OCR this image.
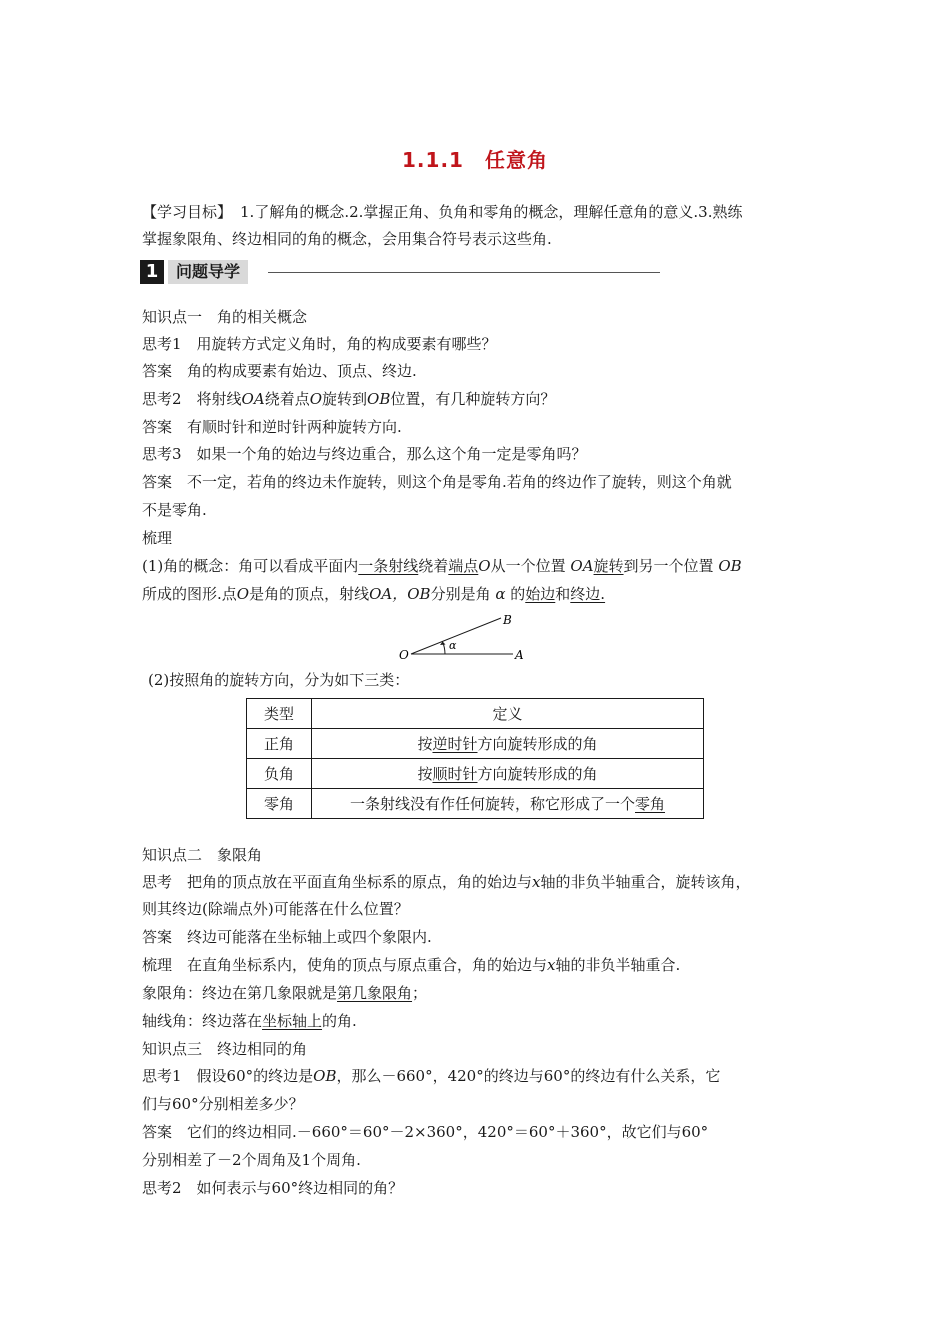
1.1.1　任意角
【学习目标】 1.了解角的概念.2.掌握正角、负角和零角的概念，理解任意角的意义.3.熟练
掌握象限角、终边相同的角的概念，会用集合符号表示这些角.
1	问题导学
知识点一　角的相关概念
思考1　用旋转方式定义角时，角的构成要素有哪些？
答案　角的构成要素有始边、顶点、终边.
思考2　将射线OA绕着点O旋转到OB位置，有几种旋转方向？
答案　有顺时针和逆时针两种旋转方向.
思考3　如果一个角的始边与终边重合，那么这个角一定是零角吗？
答案　不一定，若角的终边未作旋转，则这个角是零角.若角的终边作了旋转，则这个角就
不是零角.
梳理
(1)角的概念：角可以看成平面内一条射线绕着端点O从一个位置 OA旋转到另一个位置 OB
所成的图形.点O是角的顶点，射线OA，OB分别是角 α 的始边和终边.
O	A
B
α
(2)按照角的旋转方向，分为如下三类：
类型	定义
正角	按逆时针方向旋转形成的角
负角	按顺时针方向旋转形成的角
零角	一条射线没有作任何旋转，称它形成了一个零角
知识点二　象限角
思考　把角的顶点放在平面直角坐标系的原点，角的始边与x轴的非负半轴重合，旋转该角，
则其终边(除端点外)可能落在什么位置？
答案　终边可能落在坐标轴上或四个象限内.
梳理　在直角坐标系内，使角的顶点与原点重合，角的始边与x轴的非负半轴重合.
象限角：终边在第几象限就是第几象限角；
轴线角：终边落在坐标轴上的角.
知识点三　终边相同的角
思考1　假设60°的终边是OB，那么－660°，420°的终边与60°的终边有什么关系，它
们与60°分别相差多少？
答案　它们的终边相同.－660°＝60°－2×360°，420°＝60°＋360°，故它们与60°
分别相差了－2个周角及1个周角.
思考2　如何表示与60°终边相同的角？
